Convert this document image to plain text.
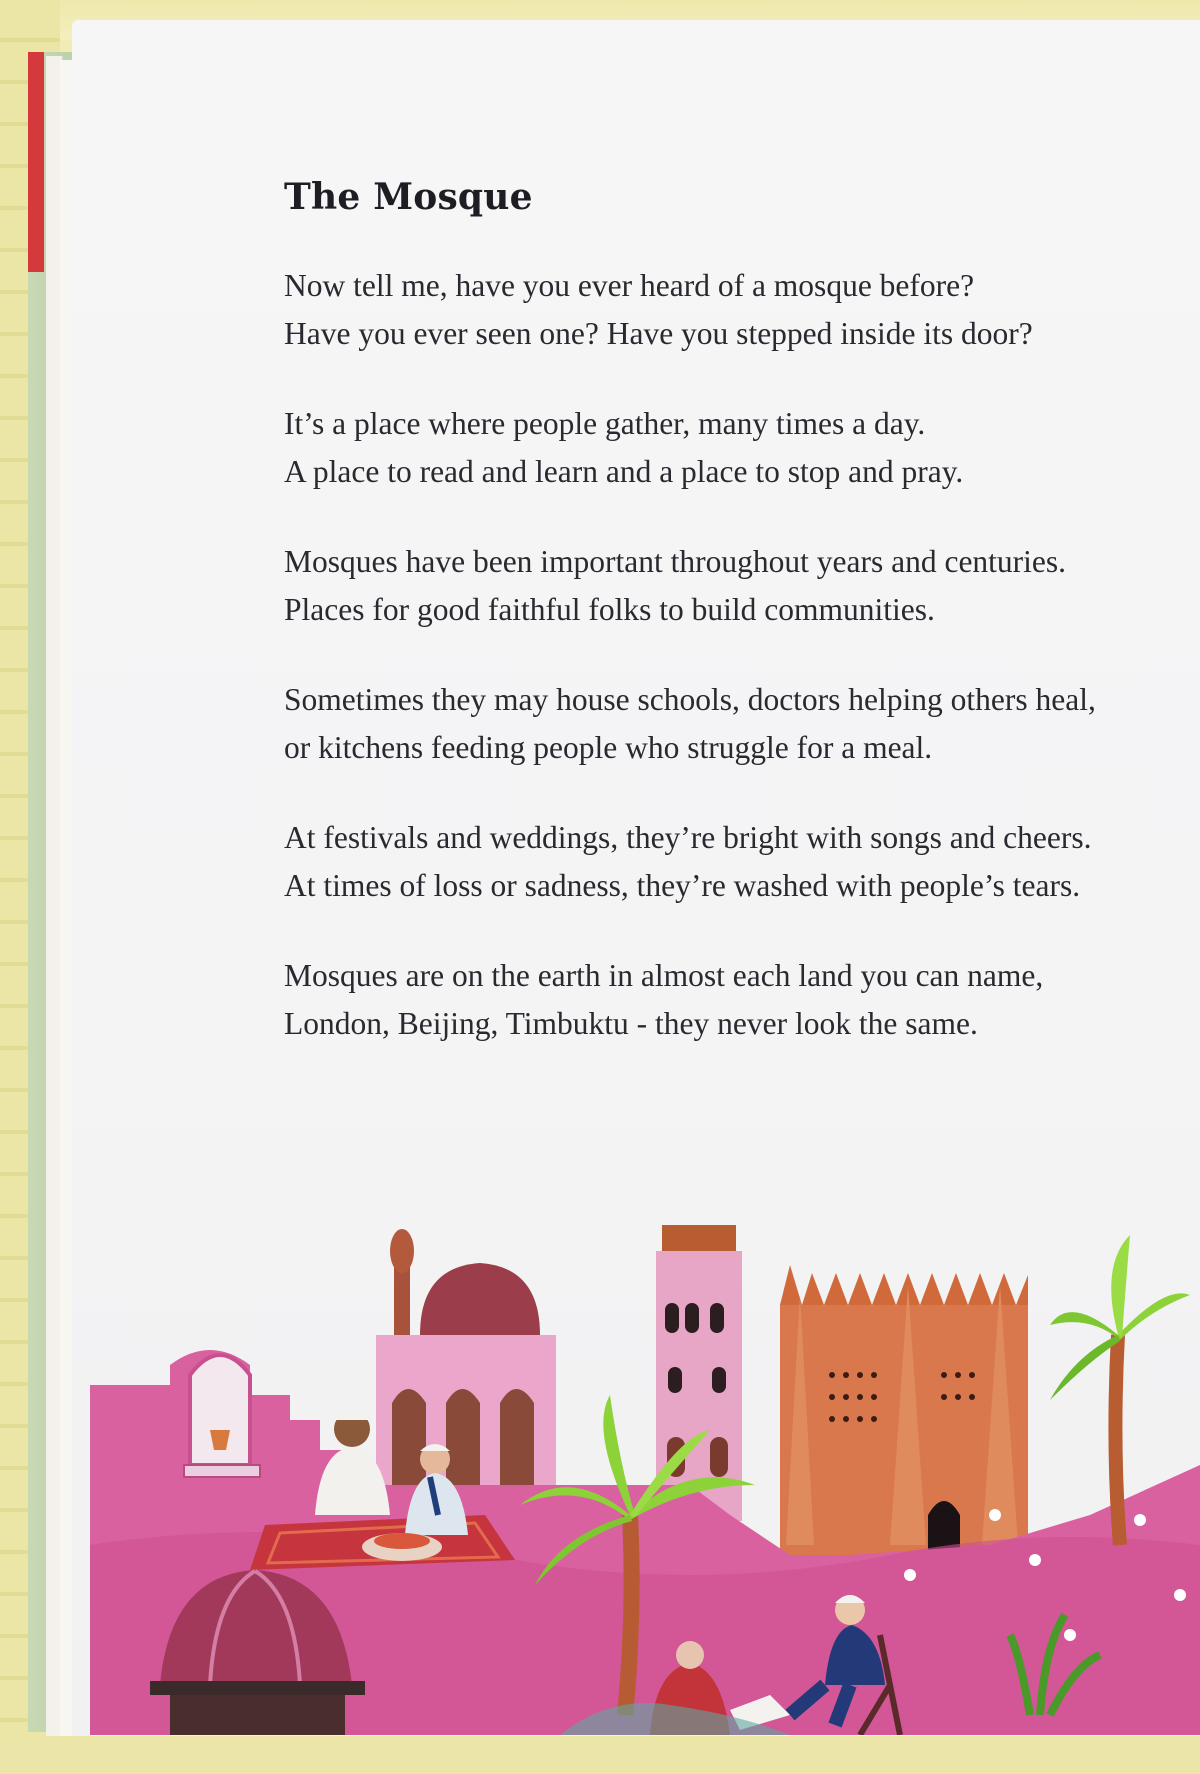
The Mosque
Now tell me, have you ever heard of a mosque before?
Have you ever seen one? Have you stepped inside its door?
It’s a place where people gather, many times a day.
A place to read and learn and a place to stop and pray.
Mosques have been important throughout years and centuries.
Places for good faithful folks to build communities.
Sometimes they may house schools, doctors helping others heal,
or kitchens feeding people who struggle for a meal.
At festivals and weddings, they’re bright with songs and cheers.
At times of loss or sadness, they’re washed with people’s tears.
Mosques are on the earth in almost each land you can name,
London, Beijing, Timbuktu - they never look the same.
